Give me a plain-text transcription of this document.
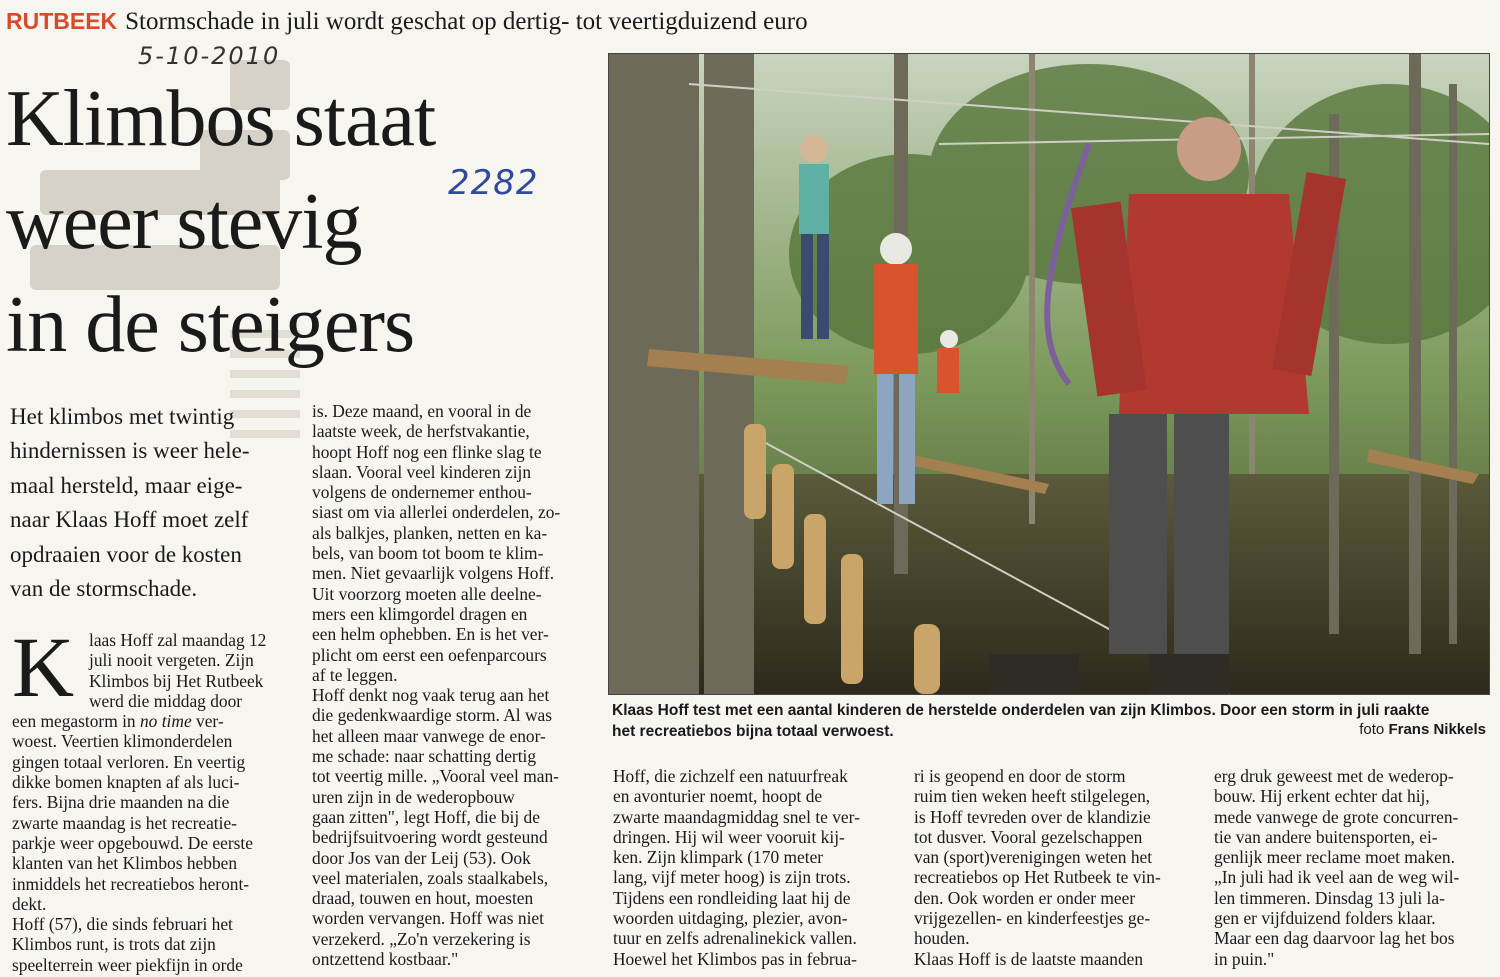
RUTBEEK Stormschade in juli wordt geschat op dertig- tot veertigduizend euro
5-10-2010
2282
Klimbos staat
weer stevig
in de steigers
Het klimbos met twintig
hindernissen is weer hele-
maal hersteld, maar eige-
naar Klaas Hoff moet zelf
opdraaien voor de kosten
van de stormschade.
Klaas Hoff test met een aantal kinderen de herstelde onderdelen van zijn Klimbos. Door een storm in juli raakte
het recreatiebos bijna totaal verwoest.	foto Frans Nikkels
K laas Hoff zal maandag 12
juli nooit vergeten. Zijn
Klimbos bij Het Rutbeek
werd die middag door
een megastorm in no time ver-
woest. Veertien klimonderdelen
gingen totaal verloren. En veertig
dikke bomen knapten af als luci-
fers. Bijna drie maanden na die
zwarte maandag is het recreatie-
parkje weer opgebouwd. De eerste
klanten van het Klimbos hebben
inmiddels het recreatiebos heront-
dekt.
Hoff (57), die sinds februari het
Klimbos runt, is trots dat zijn
speelterrein weer piekfijn in orde
is. Deze maand, en vooral in de
laatste week, de herfstvakantie,
hoopt Hoff nog een flinke slag te
slaan. Vooral veel kinderen zijn
volgens de ondernemer enthou-
siast om via allerlei onderdelen, zo-
als balkjes, planken, netten en ka-
bels, van boom tot boom te klim-
men. Niet gevaarlijk volgens Hoff.
Uit voorzorg moeten alle deelne-
mers een klimgordel dragen en
een helm ophebben. En is het ver-
plicht om eerst een oefenparcours
af te leggen.
Hoff denkt nog vaak terug aan het
die gedenkwaardige storm. Al was
het alleen maar vanwege de enor-
me schade: naar schatting dertig
tot veertig mille. „Vooral veel man-
uren zijn in de wederopbouw
gaan zitten", legt Hoff, die bij de
bedrijfsuitvoering wordt gesteund
door Jos van der Leij (53). Ook
veel materialen, zoals staalkabels,
draad, touwen en hout, moesten
worden vervangen. Hoff was niet
verzekerd. „Zo'n verzekering is
ontzettend kostbaar."
Hoff, die zichzelf een natuurfreak
en avonturier noemt, hoopt de
zwarte maandagmiddag snel te ver-
dringen. Hij wil weer vooruit kij-
ken. Zijn klimpark (170 meter
lang, vijf meter hoog) is zijn trots.
Tijdens een rondleiding laat hij de
woorden uitdaging, plezier, avon-
tuur en zelfs adrenalinekick vallen.
Hoewel het Klimbos pas in februa-
ri is geopend en door de storm
ruim tien weken heeft stilgelegen,
is Hoff tevreden over de klandizie
tot dusver. Vooral gezelschappen
van (sport)verenigingen weten het
recreatiebos op Het Rutbeek te vin-
den. Ook worden er onder meer
vrijgezellen- en kinderfeestjes ge-
houden.
Klaas Hoff is de laatste maanden
erg druk geweest met de wederop-
bouw. Hij erkent echter dat hij,
mede vanwege de grote concurren-
tie van andere buitensporten, ei-
genlijk meer reclame moet maken.
„In juli had ik veel aan de weg wil-
len timmeren. Dinsdag 13 juli la-
gen er vijfduizend folders klaar.
Maar een dag daarvoor lag het bos
in puin."
